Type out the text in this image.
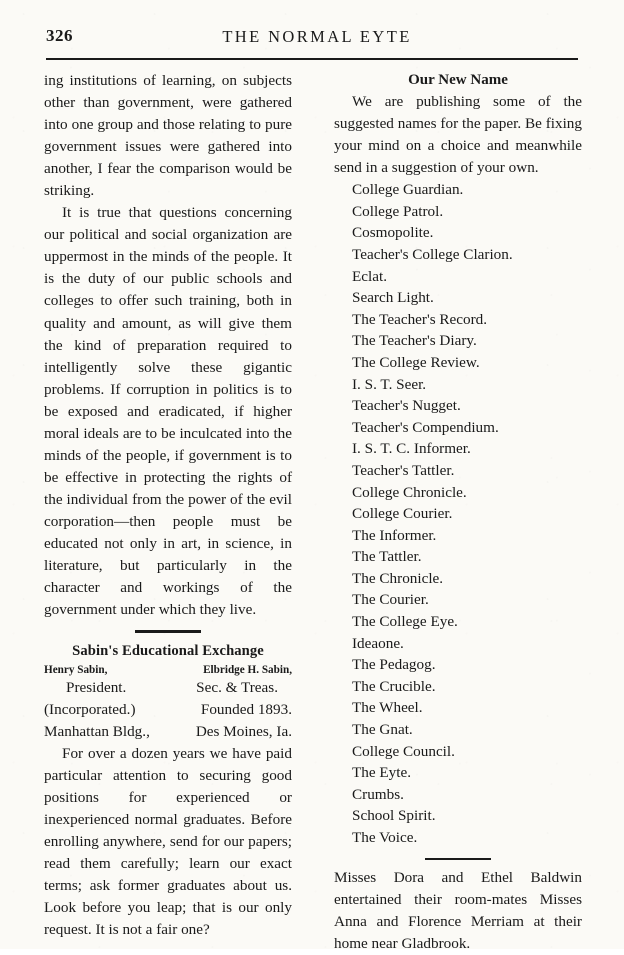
326	THE NORMAL EYTE

ing institutions of learning, on subjects other than government, were gathered into one group and those relating to pure government issues were gathered into another, I fear the comparison would be striking.

It is true that questions concerning our political and social organization are uppermost in the minds of the people. It is the duty of our public schools and colleges to offer such training, both in quality and amount, as will give them the kind of preparation required to intelligently solve these gigantic problems. If corruption in politics is to be exposed and eradicated, if higher moral ideals are to be inculcated into the minds of the people, if government is to be effective in protecting the rights of the individual from the power of the evil corporation—then people must be educated not only in art, in science, in literature, but particularly in the character and workings of the government under which they live.

Sabin's Educational Exchange

Henry Sabin,	Elbridge H. Sabin,
President.	Sec. & Treas.
(Incorporated.)	Founded 1893.
Manhattan Bldg.,	Des Moines, Ia.

For over a dozen years we have paid particular attention to securing good positions for experienced or inexperienced normal graduates. Before enrolling anywhere, send for our papers; read them carefully; learn our exact terms; ask former graduates about us. Look before you leap; that is our only request. It is not a fair one?

Our New Name

We are publishing some of the suggested names for the paper. Be fixing your mind on a choice and meanwhile send in a suggestion of your own.

College Guardian.
College Patrol.
Cosmopolite.
Teacher's College Clarion.
Eclat.
Search Light.
The Teacher's Record.
The Teacher's Diary.
The College Review.
I. S. T. Seer.
Teacher's Nugget.
Teacher's Compendium.
I. S. T. C. Informer.
Teacher's Tattler.
College Chronicle.
College Courier.
The Informer.
The Tattler.
The Chronicle.
The Courier.
The College Eye.
Ideaone.
The Pedagog.
The Crucible.
The Wheel.
The Gnat.
College Council.
The Eyte.
Crumbs.
School Spirit.
The Voice.

Misses Dora and Ethel Baldwin entertained their room-mates Misses Anna and Florence Merriam at their home near Gladbrook.
